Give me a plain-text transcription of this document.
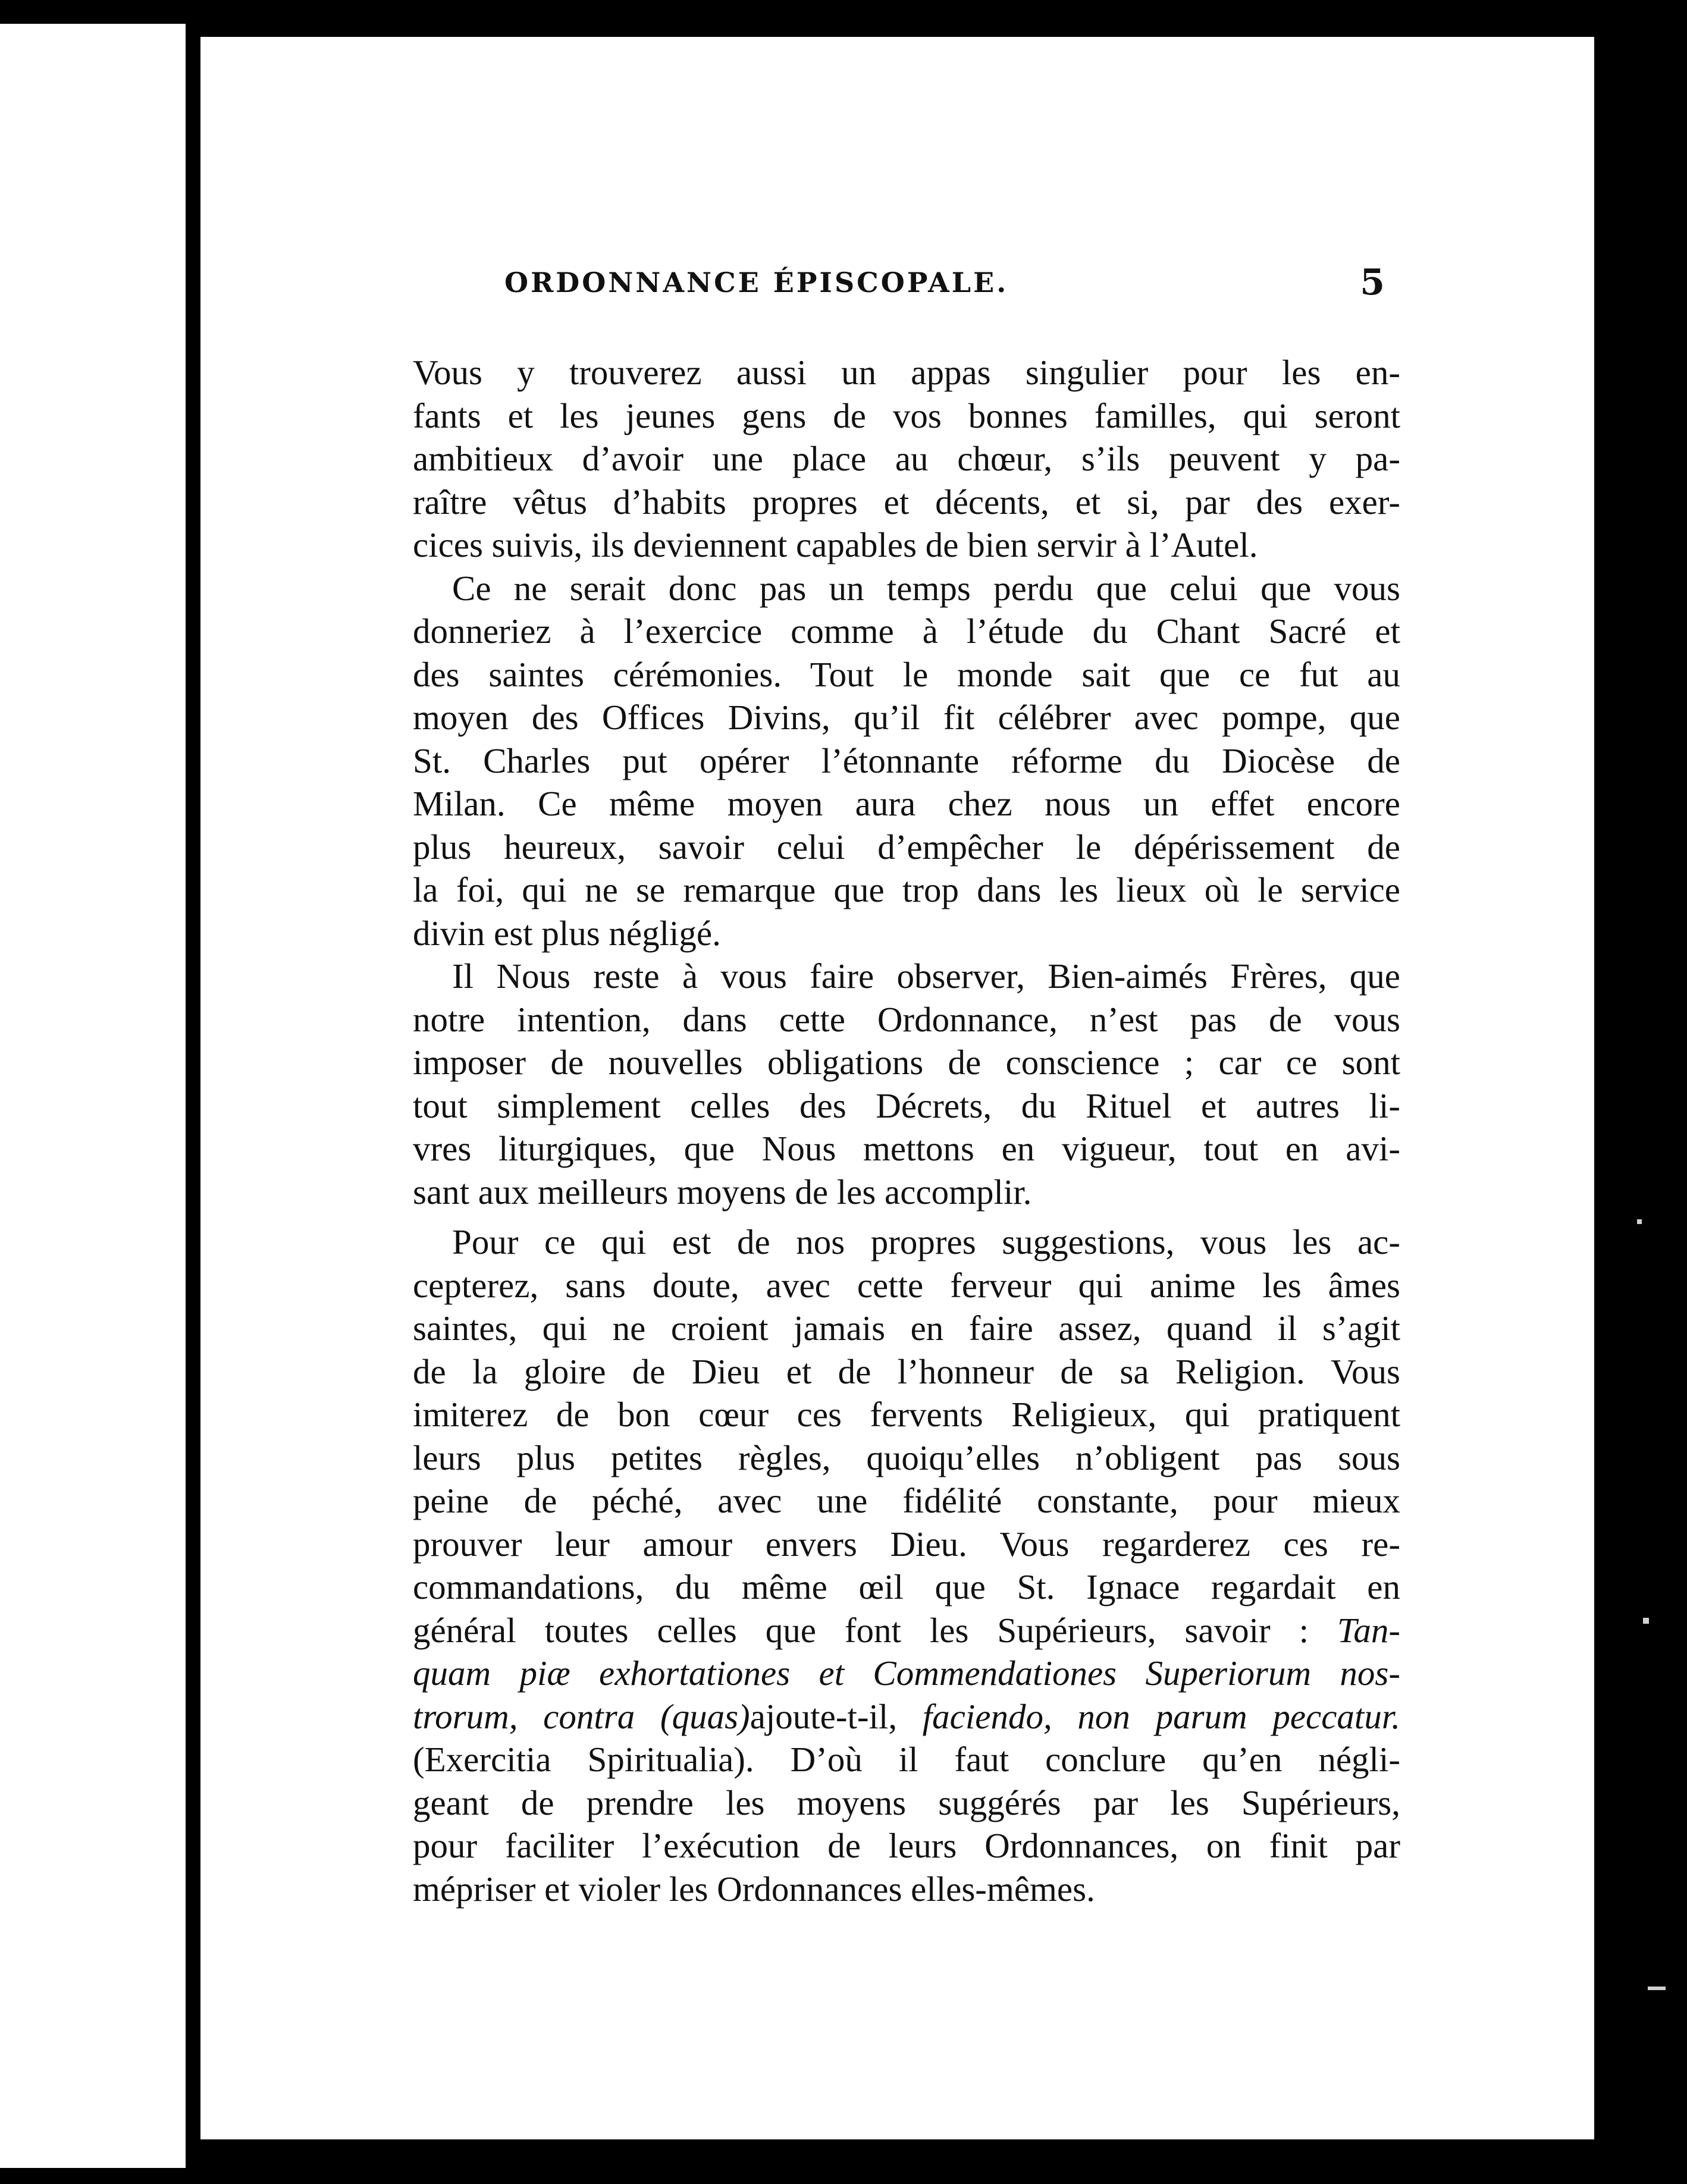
ORDONNANCE ÉPISCOPALE.	5
Vous y trouverez aussi un appas singulier pour les en-
fants et les jeunes gens de vos bonnes familles, qui seront
ambitieux d’avoir une place au chœur, s’ils peuvent y pa-
raître vêtus d’habits propres et décents, et si, par des exer-
cices suivis, ils deviennent capables de bien servir à l’Autel.
Ce ne serait donc pas un temps perdu que celui que vous
donneriez à l’exercice comme à l’étude du Chant Sacré et
des saintes cérémonies. Tout le monde sait que ce fut au
moyen des Offices Divins, qu’il fit célébrer avec pompe, que
St. Charles put opérer l’étonnante réforme du Diocèse de
Milan. Ce même moyen aura chez nous un effet encore
plus heureux, savoir celui d’empêcher le dépérissement de
la foi, qui ne se remarque que trop dans les lieux où le service
divin est plus négligé.
Il Nous reste à vous faire observer, Bien-aimés Frères, que
notre intention, dans cette Ordonnance, n’est pas de vous
imposer de nouvelles obligations de conscience ; car ce sont
tout simplement celles des Décrets, du Rituel et autres li-
vres liturgiques, que Nous mettons en vigueur, tout en avi-
sant aux meilleurs moyens de les accomplir.
Pour ce qui est de nos propres suggestions, vous les ac-
cepterez, sans doute, avec cette ferveur qui anime les âmes
saintes, qui ne croient jamais en faire assez, quand il s’agit
de la gloire de Dieu et de l’honneur de sa Religion. Vous
imiterez de bon cœur ces fervents Religieux, qui pratiquent
leurs plus petites règles, quoiqu’elles n’obligent pas sous
peine de péché, avec une fidélité constante, pour mieux
prouver leur amour envers Dieu. Vous regarderez ces re-
commandations, du même œil que St. Ignace regardait en
général toutes celles que font les Supérieurs, savoir : Tan-
quam piæ exhortationes et Commendationes Superiorum nos-
trorum, contra (quas)ajoute-t-il, faciendo, non parum peccatur.
(Exercitia Spiritualia). D’où il faut conclure qu’en négli-
geant de prendre les moyens suggérés par les Supérieurs,
pour faciliter l’exécution de leurs Ordonnances, on finit par
mépriser et violer les Ordonnances elles-mêmes.
